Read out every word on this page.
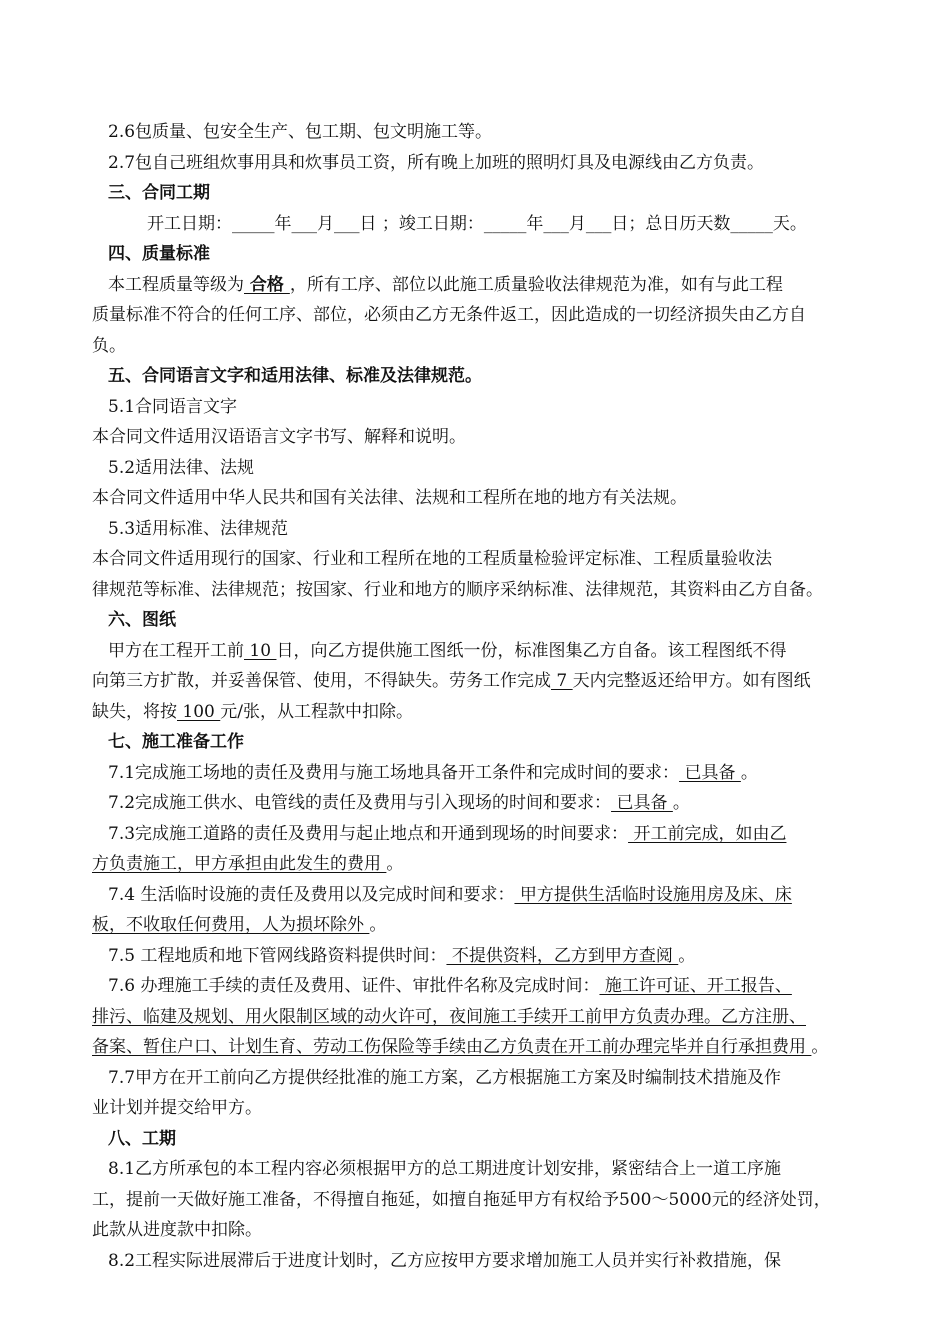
2.6包质量、包安全生产、包工期、包文明施工等。
2.7包自己班组炊事用具和炊事员工资，所有晚上加班的照明灯具及电源线由乙方负责。
三、合同工期
开工日期：_____年___月___日 ；竣工日期：_____年___月___日；总日历天数_____天。
四、质量标准
本工程质量等级为 合格 ，所有工序、部位以此施工质量验收法律规范为准，如有与此工程
质量标准不符合的任何工序、部位，必须由乙方无条件返工，因此造成的一切经济损失由乙方自
负。
五、合同语言文字和适用法律、标准及法律规范。
5.1合同语言文字
本合同文件适用汉语语言文字书写、解释和说明。
5.2适用法律、法规
本合同文件适用中华人民共和国有关法律、法规和工程所在地的地方有关法规。
5.3适用标准、法律规范
本合同文件适用现行的国家、行业和工程所在地的工程质量检验评定标准、工程质量验收法
律规范等标准、法律规范；按国家、行业和地方的顺序采纳标准、法律规范，其资料由乙方自备。
六、图纸
甲方在工程开工前 10 日，向乙方提供施工图纸一份，标准图集乙方自备。该工程图纸不得
向第三方扩散，并妥善保管、使用，不得缺失。劳务工作完成 7 天内完整返还给甲方。如有图纸
缺失，将按 100 元/张，从工程款中扣除。
七、施工准备工作
7.1完成施工场地的责任及费用与施工场地具备开工条件和完成时间的要求： 已具备 。
7.2完成施工供水、电管线的责任及费用与引入现场的时间和要求： 已具备 。
7.3完成施工道路的责任及费用与起止地点和开通到现场的时间要求： 开工前完成，如由乙
方负责施工，甲方承担由此发生的费用 。
7.4 生活临时设施的责任及费用以及完成时间和要求： 甲方提供生活临时设施用房及床、床
板，不收取任何费用，人为损坏除外 。
7.5 工程地质和地下管网线路资料提供时间： 不提供资料，乙方到甲方查阅 。
7.6 办理施工手续的责任及费用、证件、审批件名称及完成时间： 施工许可证、开工报告、
排污、临建及规划、用火限制区域的动火许可，夜间施工手续开工前甲方负责办理。乙方注册、
备案、暂住户口、计划生育、劳动工伤保险等手续由乙方负责在开工前办理完毕并自行承担费用 。
7.7甲方在开工前向乙方提供经批准的施工方案，乙方根据施工方案及时编制技术措施及作
业计划并提交给甲方。
八、工期
8.1乙方所承包的本工程内容必须根据甲方的总工期进度计划安排，紧密结合上一道工序施
工，提前一天做好施工准备，不得擅自拖延，如擅自拖延甲方有权给予500～5000元的经济处罚，
此款从进度款中扣除。
8.2工程实际进展滞后于进度计划时，乙方应按甲方要求增加施工人员并实行补救措施，保
